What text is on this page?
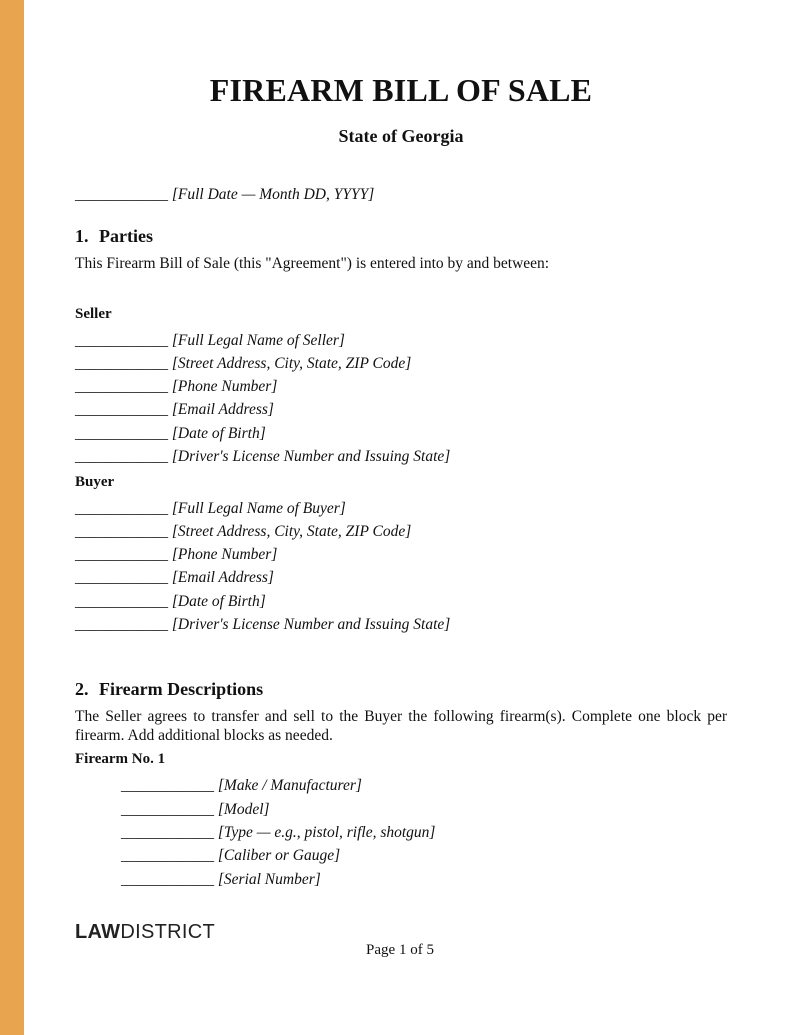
FIREARM BILL OF SALE
State of Georgia
____________ [Full Date — Month DD, YYYY]
1. Parties
This Firearm Bill of Sale (this "Agreement") is entered into by and between:
Seller
____________ [Full Legal Name of Seller]
____________ [Street Address, City, State, ZIP Code]
____________ [Phone Number]
____________ [Email Address]
____________ [Date of Birth]
____________ [Driver's License Number and Issuing State]
Buyer
____________ [Full Legal Name of Buyer]
____________ [Street Address, City, State, ZIP Code]
____________ [Phone Number]
____________ [Email Address]
____________ [Date of Birth]
____________ [Driver's License Number and Issuing State]
2. Firearm Descriptions
The Seller agrees to transfer and sell to the Buyer the following firearm(s). Complete one block per firearm. Add additional blocks as needed.
Firearm No. 1
____________ [Make / Manufacturer]
____________ [Model]
____________ [Type — e.g., pistol, rifle, shotgun]
____________ [Caliber or Gauge]
____________ [Serial Number]
LAWDISTRICT
Page 1 of 5
